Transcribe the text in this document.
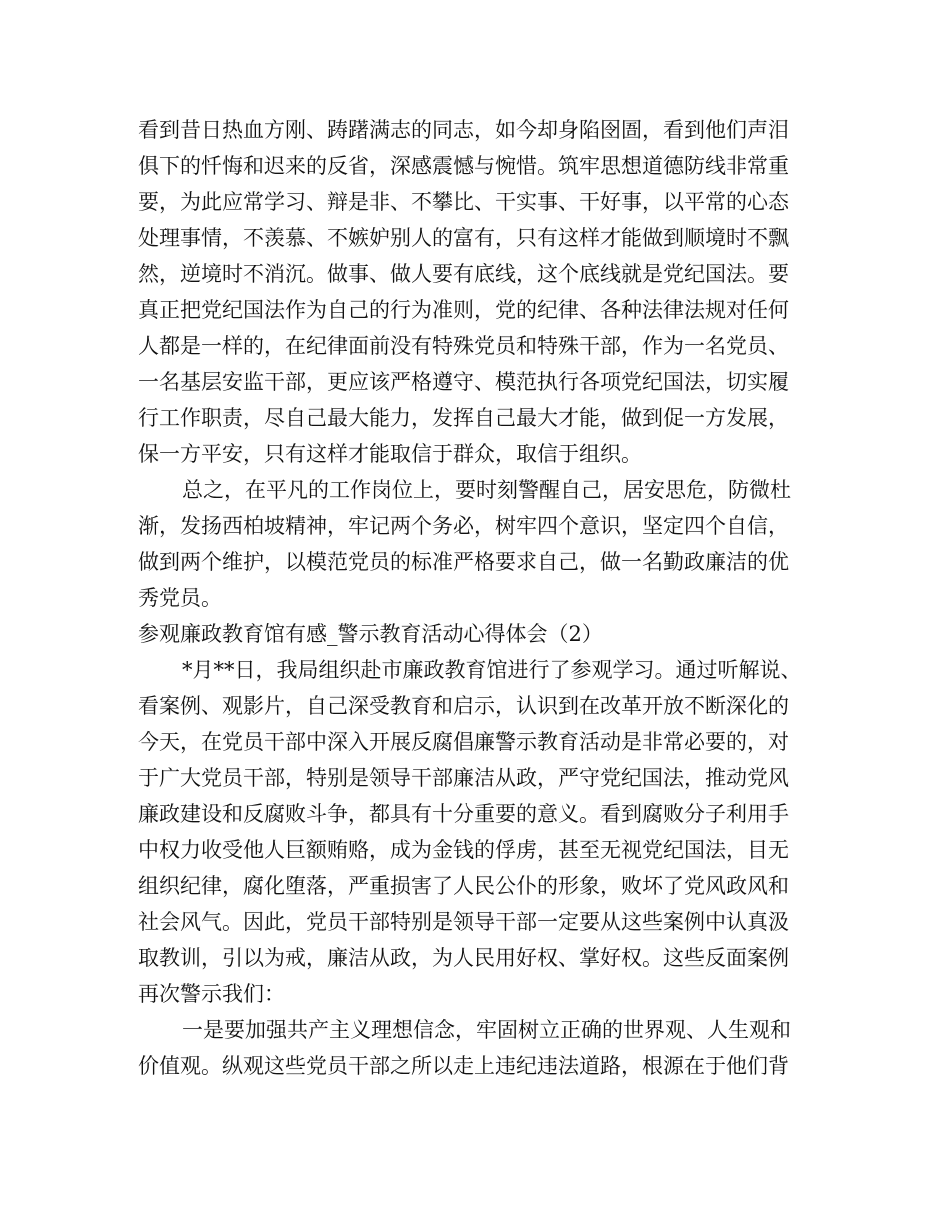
看到昔日热血方刚、踌躇满志的同志，如今却身陷囹圄，看到他们声泪
俱下的忏悔和迟来的反省，深感震憾与惋惜。筑牢思想道德防线非常重
要，为此应常学习、辩是非、不攀比、干实事、干好事，以平常的心态
处理事情，不羡慕、不嫉妒别人的富有，只有这样才能做到顺境时不飘
然，逆境时不消沉。做事、做人要有底线，这个底线就是党纪国法。要
真正把党纪国法作为自己的行为准则，党的纪律、各种法律法规对任何
人都是一样的，在纪律面前没有特殊党员和特殊干部，作为一名党员、
一名基层安监干部，更应该严格遵守、模范执行各项党纪国法，切实履
行工作职责，尽自己最大能力，发挥自己最大才能，做到促一方发展，
保一方平安，只有这样才能取信于群众，取信于组织。
总之，在平凡的工作岗位上，要时刻警醒自己，居安思危，防微杜
渐，发扬西柏坡精神，牢记两个务必，树牢四个意识，坚定四个自信，
做到两个维护，以模范党员的标准严格要求自己，做一名勤政廉洁的优
秀党员。
参观廉政教育馆有感_警示教育活动心得体会（2）
*月**日，我局组织赴市廉政教育馆进行了参观学习。通过听解说、
看案例、观影片，自己深受教育和启示，认识到在改革开放不断深化的
今天，在党员干部中深入开展反腐倡廉警示教育活动是非常必要的，对
于广大党员干部，特别是领导干部廉洁从政，严守党纪国法，推动党风
廉政建设和反腐败斗争，都具有十分重要的意义。看到腐败分子利用手
中权力收受他人巨额贿赂，成为金钱的俘虏，甚至无视党纪国法，目无
组织纪律，腐化堕落，严重损害了人民公仆的形象，败坏了党风政风和
社会风气。因此，党员干部特别是领导干部一定要从这些案例中认真汲
取教训，引以为戒，廉洁从政，为人民用好权、掌好权。这些反面案例
再次警示我们：
一是要加强共产主义理想信念，牢固树立正确的世界观、人生观和
价值观。纵观这些党员干部之所以走上违纪违法道路，根源在于他们背
